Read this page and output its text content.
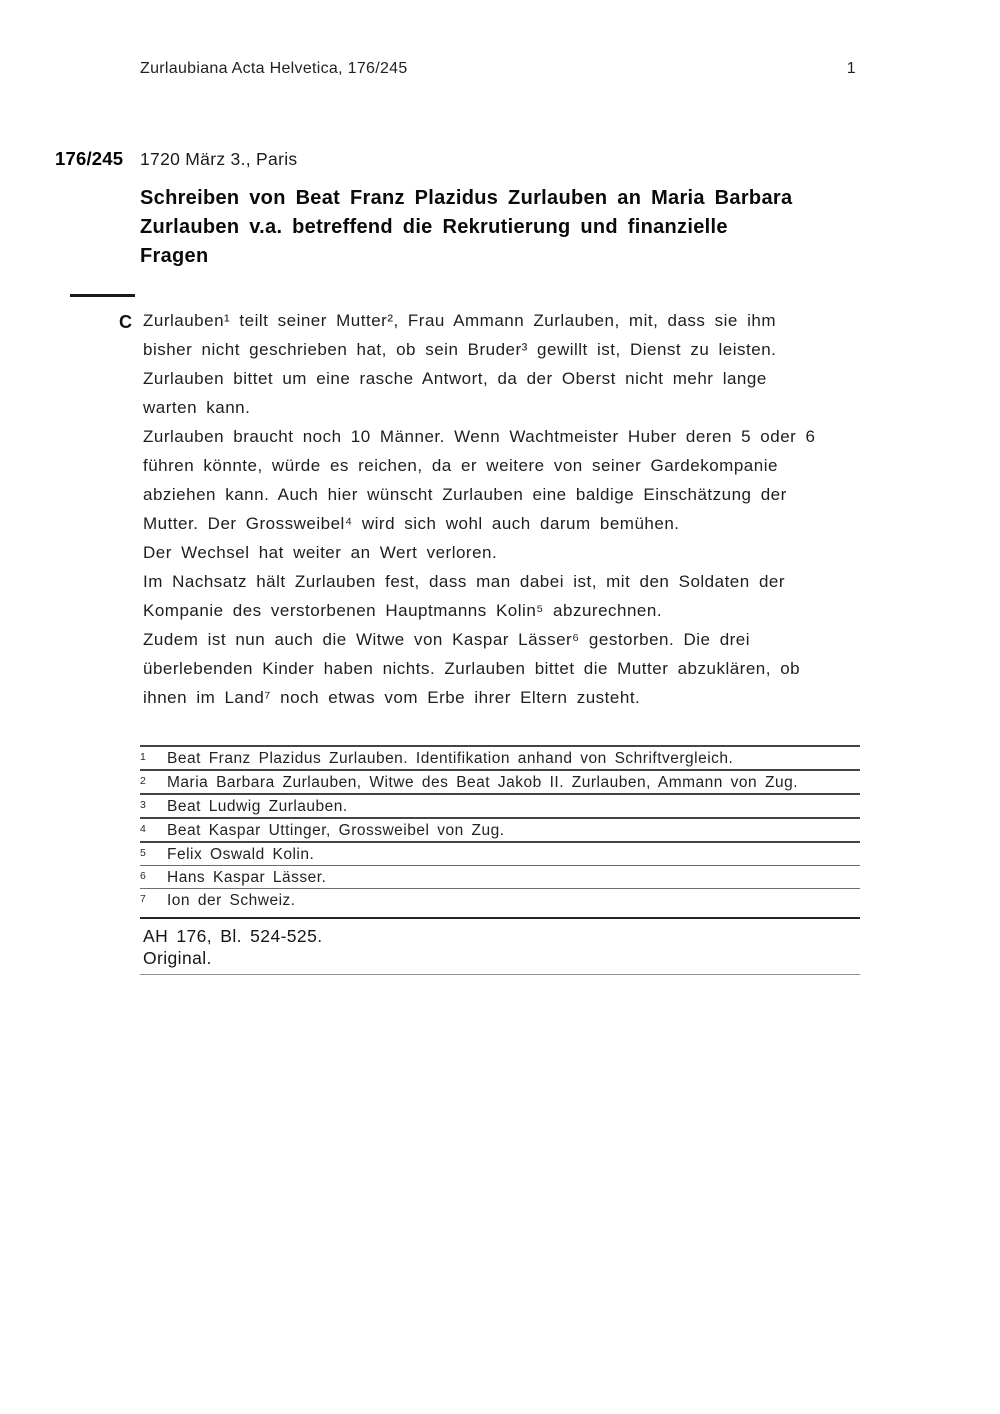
Zurlaubiana Acta Helvetica, 176/245	1
176/245 1720 März 3., Paris
Schreiben von Beat Franz Plazidus Zurlauben an Maria Barbara
Zurlauben v.a. betreffend die Rekrutierung und finanzielle
Fragen
C Zurlauben¹ teilt seiner Mutter², Frau Ammann Zurlauben, mit, dass sie ihm
bisher nicht geschrieben hat, ob sein Bruder³ gewillt ist, Dienst zu leisten.
Zurlauben bittet um eine rasche Antwort, da der Oberst nicht mehr lange
warten kann.
Zurlauben braucht noch 10 Männer. Wenn Wachtmeister Huber deren 5 oder 6
führen könnte, würde es reichen, da er weitere von seiner Gardekompanie
abziehen kann. Auch hier wünscht Zurlauben eine baldige Einschätzung der
Mutter. Der Grossweibel⁴ wird sich wohl auch darum bemühen.
Der Wechsel hat weiter an Wert verloren.
Im Nachsatz hält Zurlauben fest, dass man dabei ist, mit den Soldaten der
Kompanie des verstorbenen Hauptmanns Kolin⁵ abzurechnen.
Zudem ist nun auch die Witwe von Kaspar Lässer⁶ gestorben. Die drei
überlebenden Kinder haben nichts. Zurlauben bittet die Mutter abzuklären, ob
ihnen im Land⁷ noch etwas vom Erbe ihrer Eltern zusteht.
1	Beat Franz Plazidus Zurlauben. Identifikation anhand von Schriftvergleich.
2	Maria Barbara Zurlauben, Witwe des Beat Jakob II. Zurlauben, Ammann von Zug.
3	Beat Ludwig Zurlauben.
4	Beat Kaspar Uttinger, Grossweibel von Zug.
5	Felix Oswald Kolin.
6	Hans Kaspar Lässer.
7	Ion der Schweiz.
AH 176, Bl. 524-525.
Original.
